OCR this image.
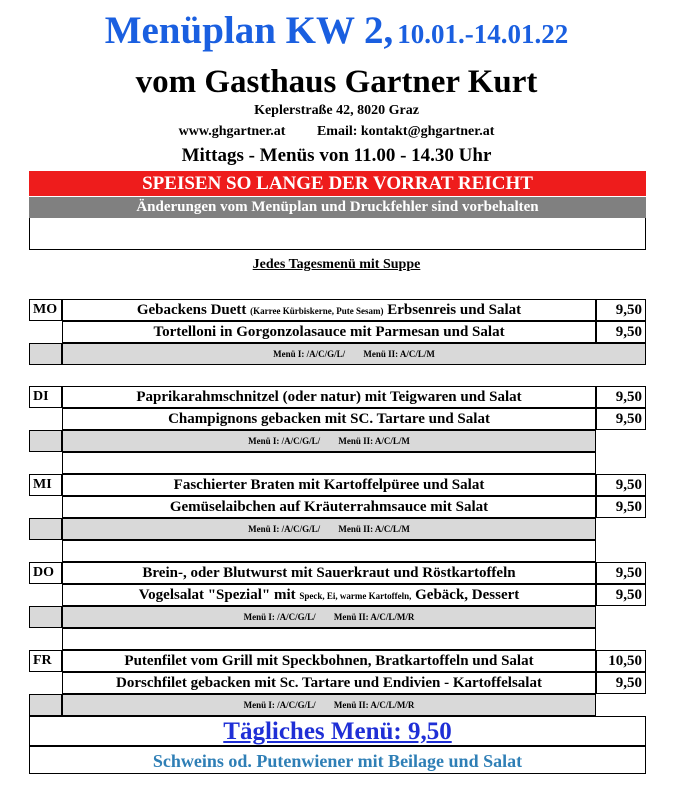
Menüplan KW 2, 10.01.-14.01.22
vom Gasthaus Gartner Kurt
Keplerstraße 42, 8020 Graz
www.ghgartner.at Email: kontakt@ghgartner.at
Mittags - Menüs von 11.00 - 14.30 Uhr
SPEISEN SO LANGE DER VORRAT REICHT
Änderungen vom Menüplan und Druckfehler sind vorbehalten
Jedes Tagesmenü mit Suppe
MO	Gebackens Duett (Karree Kürbiskerne, Pute Sesam) Erbsenreis und Salat	9,50
Tortelloni in Gorgonzolasauce mit Parmesan und Salat	9,50
Menü I: /A/C/G/L/ Menü II: A/C/L/M
DI	Paprikarahmschnitzel (oder natur) mit Teigwaren und Salat	9,50
Champignons gebacken mit SC. Tartare und Salat	9,50
Menü I: /A/C/G/L/ Menü II: A/C/L/M
MI	Faschierter Braten mit Kartoffelpüree und Salat	9,50
Gemüselaibchen auf Kräuterrahmsauce mit Salat	9,50
Menü I: /A/C/G/L/ Menü II: A/C/L/M
DO	Brein-, oder Blutwurst mit Sauerkraut und Röstkartoffeln	9,50
Vogelsalat "Spezial" mit Speck, Ei, warme Kartoffeln, Gebäck, Dessert	9,50
Menü I: /A/C/G/L/ Menü II: A/C/L/M/R
FR	Putenfilet vom Grill mit Speckbohnen, Bratkartoffeln und Salat	10,50
Dorschfilet gebacken mit Sc. Tartare und Endivien - Kartoffelsalat	9,50
Menü I: /A/C/G/L/ Menü II: A/C/L/M/R
Tägliches Menü: 9,50
Schweins od. Putenwiener mit Beilage und Salat
